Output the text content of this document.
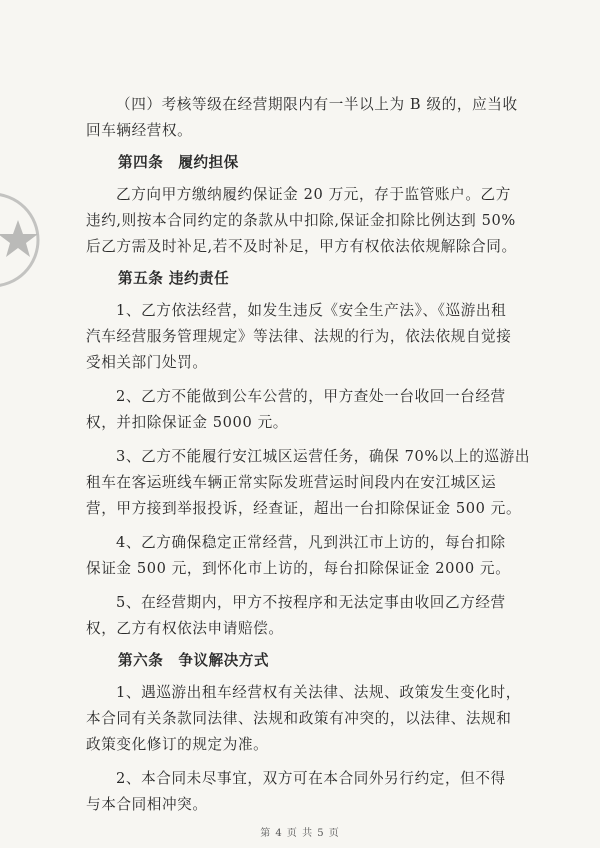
（四）考核等级在经营期限内有一半以上为 B 级的，应当收
回车辆经营权。
第四条　履约担保
乙方向甲方缴纳履约保证金 20 万元，存于监管账户。乙方
违约,则按本合同约定的条款从中扣除,保证金扣除比例达到 50%
后乙方需及时补足,若不及时补足，甲方有权依法依规解除合同。
第五条 违约责任
1、乙方依法经营，如发生违反《安全生产法》、《巡游出租
汽车经营服务管理规定》等法律、法规的行为，依法依规自觉接
受相关部门处罚。
2、乙方不能做到公车公营的，甲方查处一台收回一台经营
权，并扣除保证金 5000 元。
3、乙方不能履行安江城区运营任务，确保 70%以上的巡游出
租车在客运班线车辆正常实际发班营运时间段内在安江城区运
营，甲方接到举报投诉，经查证，超出一台扣除保证金 500 元。
4、乙方确保稳定正常经营，凡到洪江市上访的，每台扣除
保证金 500 元，到怀化市上访的，每台扣除保证金 2000 元。
5、在经营期内，甲方不按程序和无法定事由收回乙方经营
权，乙方有权依法申请赔偿。
第六条　争议解决方式
1、遇巡游出租车经营权有关法律、法规、政策发生变化时，
本合同有关条款同法律、法规和政策有冲突的，以法律、法规和
政策变化修订的规定为准。
2、本合同未尽事宜，双方可在本合同外另行约定，但不得
与本合同相冲突。
第 4 页 共 5 页
